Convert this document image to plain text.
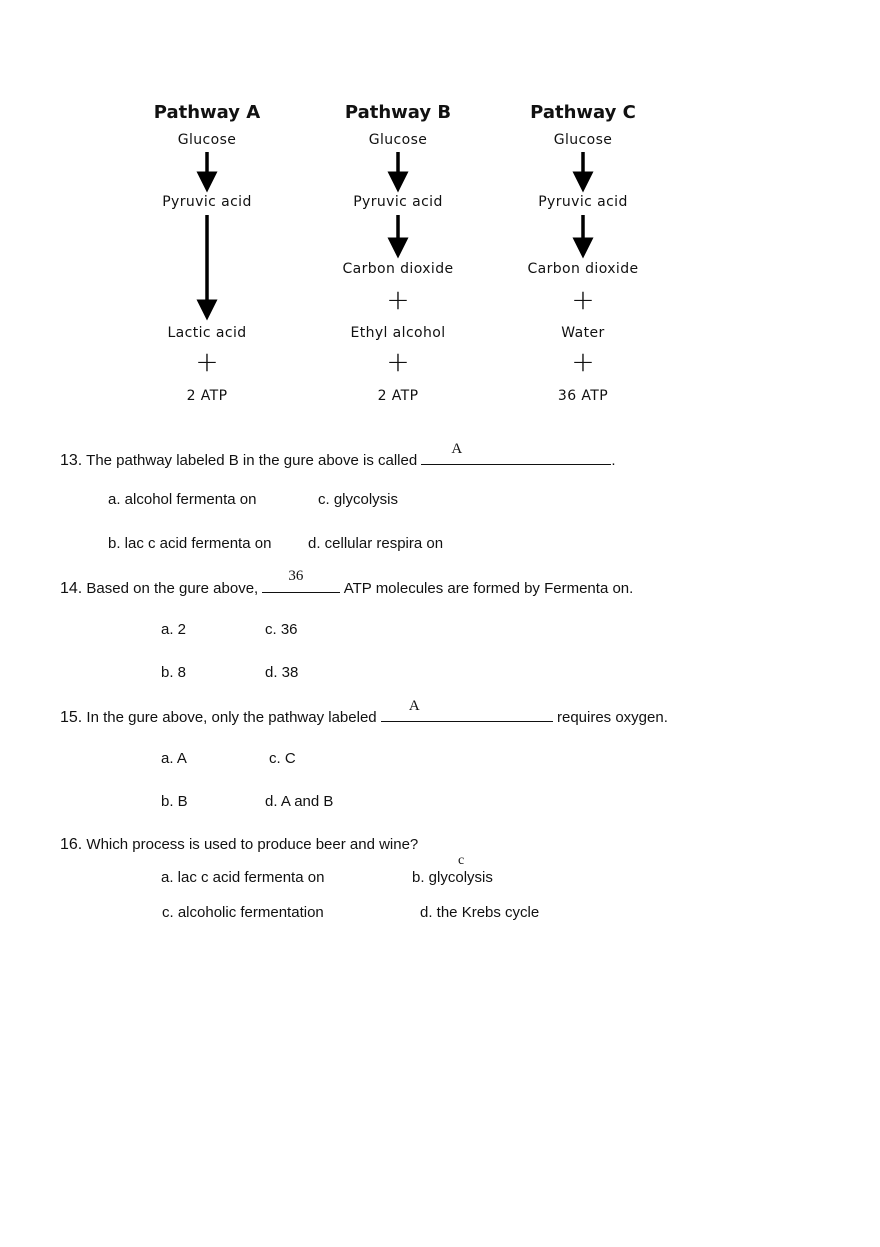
Pathway A
Glucose
Pyruvic acid
Lactic acid
+
2 ATP
Pathway B
Glucose
Pyruvic acid
Carbon dioxide
+
Ethyl alcohol
+
2 ATP
Pathway C
Glucose
Pyruvic acid
Carbon dioxide
+
Water
+
36 ATP
13. The pathway labeled B in the gure above is called
A
.
a. alcohol fermenta on	c. glycolysis
b. lac c acid fermenta on d. cellular respira on
14. Based on the gure above,
36
ATP molecules are formed by Fermenta on.
a. 2	c. 36
b. 8	d. 38
15. In the gure above, only the pathway labeled
A
requires oxygen.
a. A	c. C
b. B	d. A and B
16. Which process is used to produce beer and wine?
c
a. lac c acid fermenta on	b. glycolysis
c. alcoholic fermentation	d. the Krebs cycle
